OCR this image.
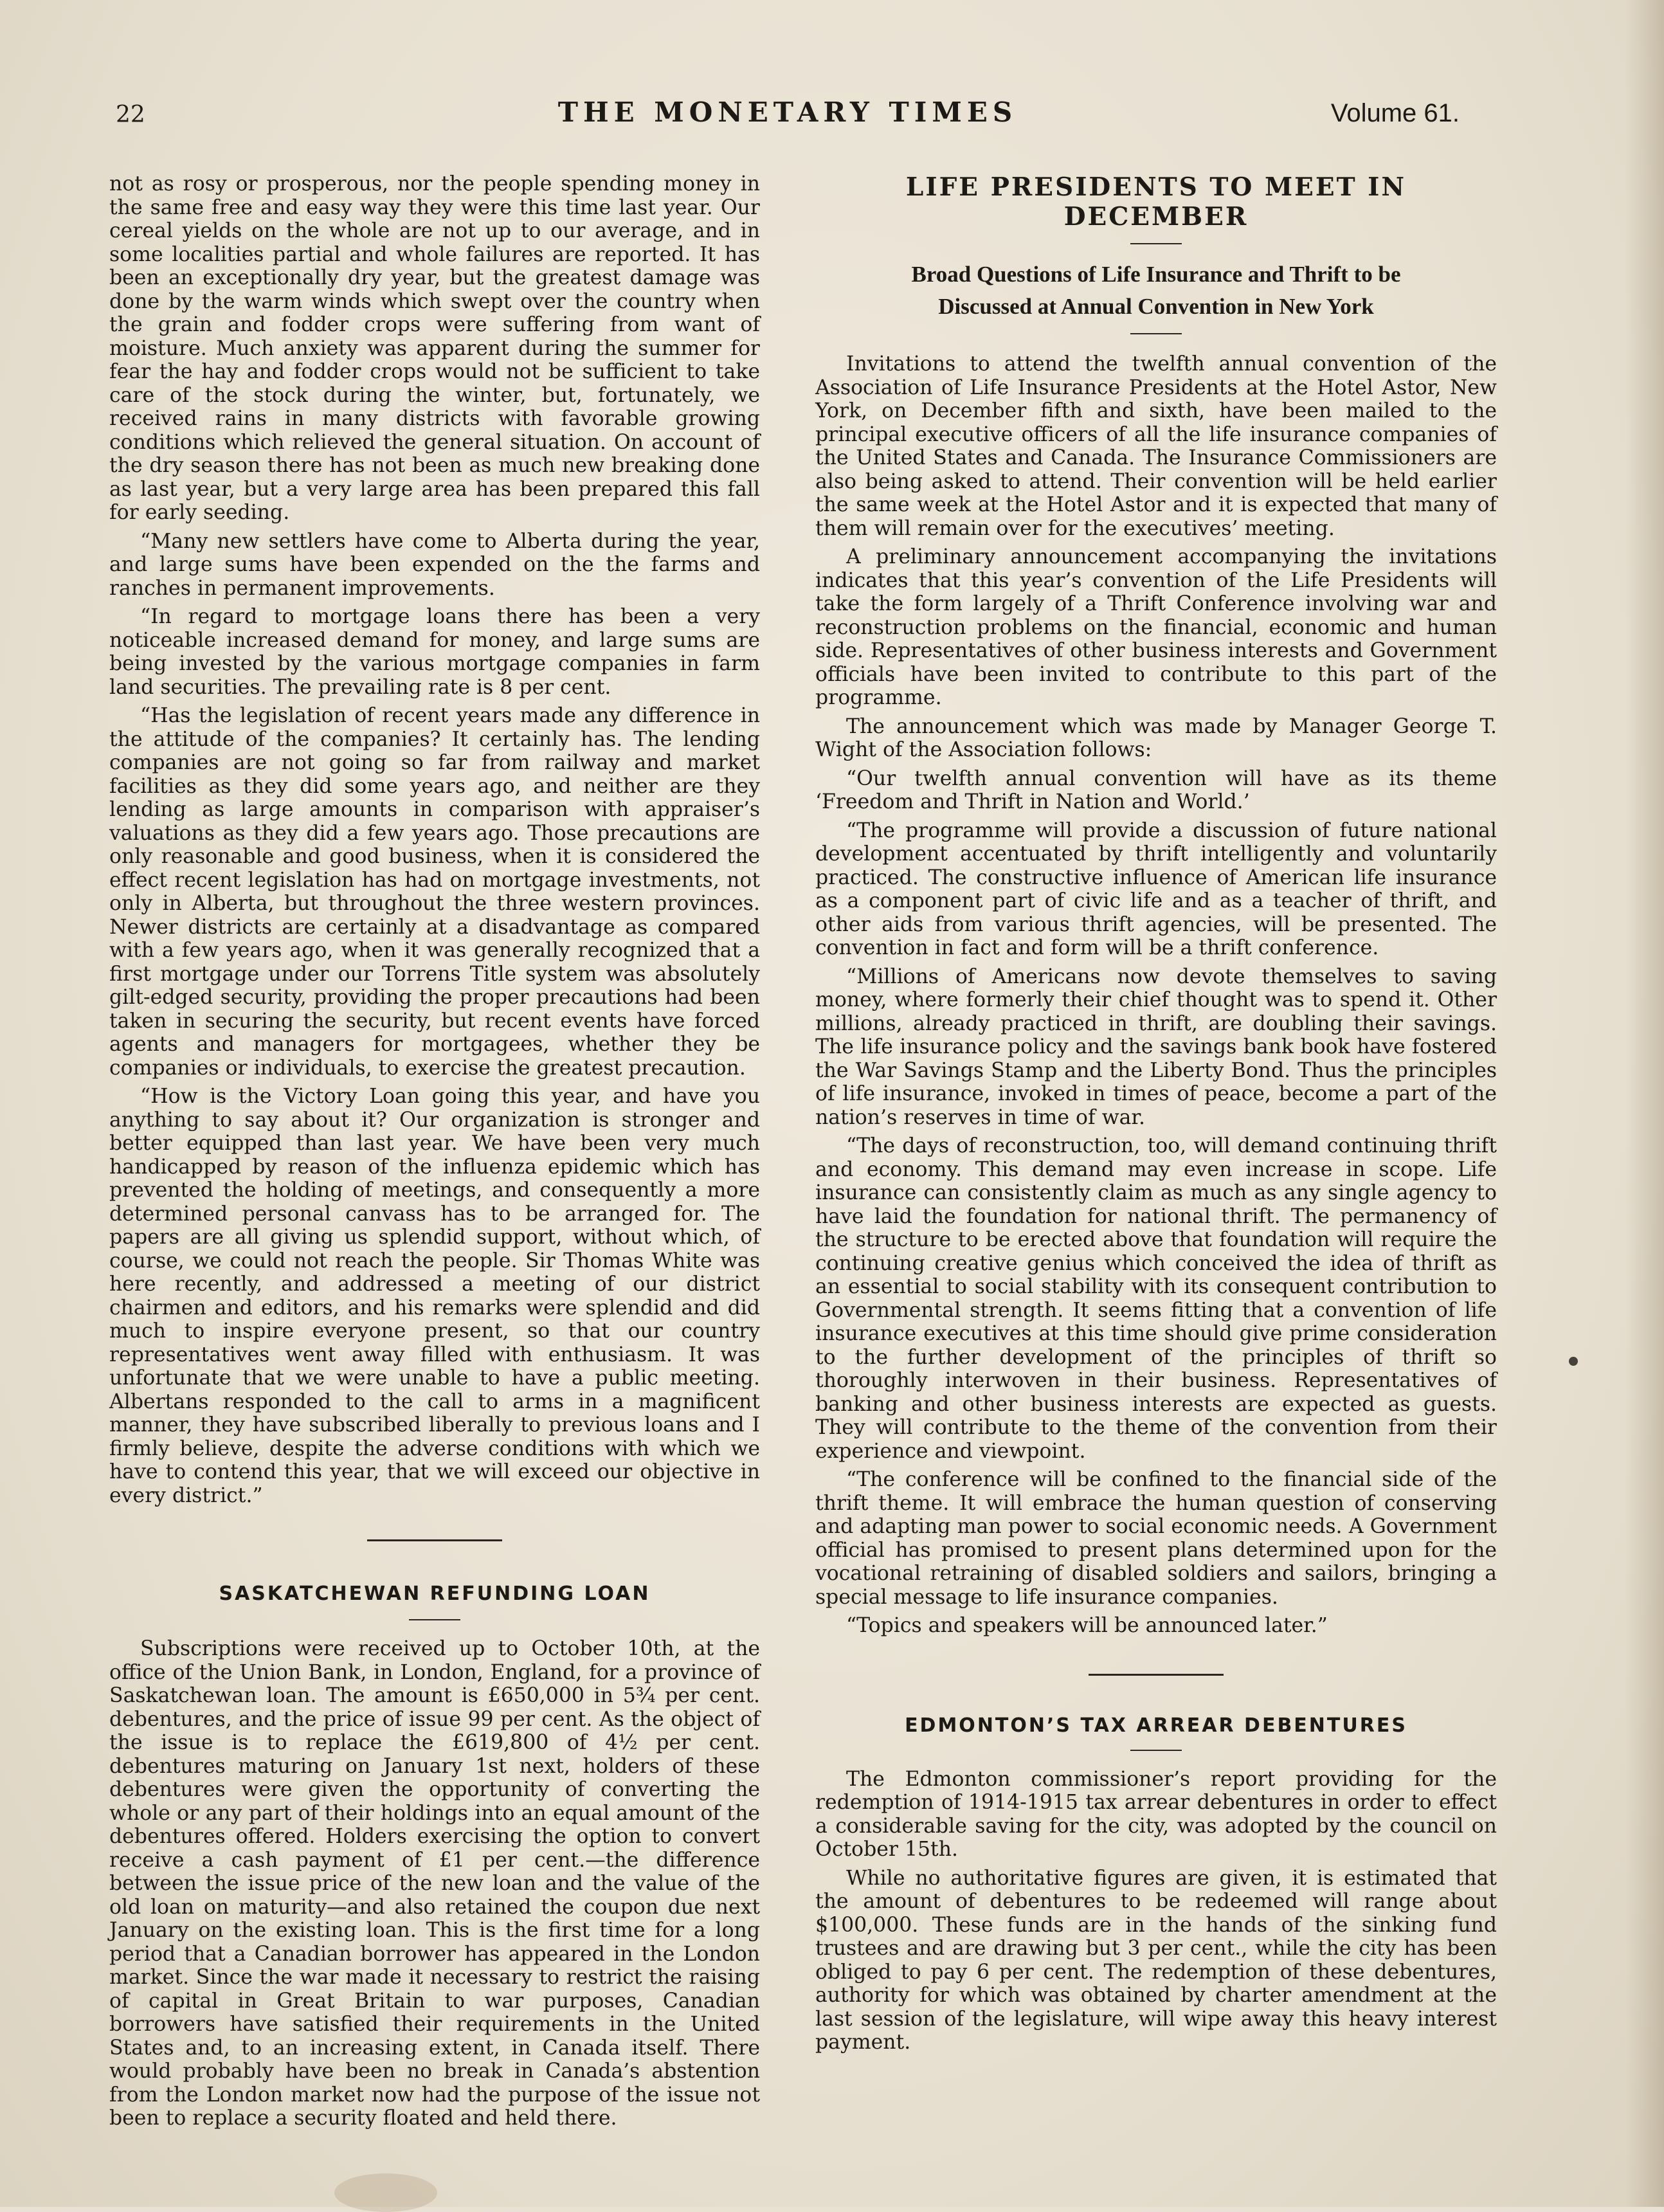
22	THE MONETARY TIMES	Volume 61.

not as rosy or prosperous, nor the people spending money in the same free and easy way they were this time last year. Our cereal yields on the whole are not up to our average, and in some localities partial and whole failures are reported. It has been an exceptionally dry year, but the greatest damage was done by the warm winds which swept over the country when the grain and fodder crops were suffering from want of moisture. Much anxiety was apparent during the summer for fear the hay and fodder crops would not be sufficient to take care of the stock during the winter, but, fortunately, we received rains in many districts with favorable growing conditions which relieved the general situation. On account of the dry season there has not been as much new breaking done as last year, but a very large area has been prepared this fall for early seeding.

“Many new settlers have come to Alberta during the year, and large sums have been expended on the the farms and ranches in permanent improvements.

“In regard to mortgage loans there has been a very noticeable increased demand for money, and large sums are being invested by the various mortgage companies in farm land securities. The prevailing rate is 8 per cent.

“Has the legislation of recent years made any difference in the attitude of the companies? It certainly has. The lending companies are not going so far from railway and market facilities as they did some years ago, and neither are they lending as large amounts in comparison with appraiser’s valuations as they did a few years ago. Those precautions are only reasonable and good business, when it is considered the effect recent legislation has had on mortgage investments, not only in Alberta, but throughout the three western provinces. Newer districts are certainly at a disadvantage as compared with a few years ago, when it was generally recognized that a first mortgage under our Torrens Title system was absolutely gilt-edged security, providing the proper precautions had been taken in securing the security, but recent events have forced agents and managers for mortgagees, whether they be companies or individuals, to exercise the greatest precaution.

“How is the Victory Loan going this year, and have you anything to say about it? Our organization is stronger and better equipped than last year. We have been very much handicapped by reason of the influenza epidemic which has prevented the holding of meetings, and consequently a more determined personal canvass has to be arranged for. The papers are all giving us splendid support, without which, of course, we could not reach the people. Sir Thomas White was here recently, and addressed a meeting of our district chairmen and editors, and his remarks were splendid and did much to inspire everyone present, so that our country representatives went away filled with enthusiasm. It was unfortunate that we were unable to have a public meeting. Albertans responded to the call to arms in a magnificent manner, they have subscribed liberally to previous loans and I firmly believe, despite the adverse conditions with which we have to contend this year, that we will exceed our objective in every district.”

SASKATCHEWAN REFUNDING LOAN

Subscriptions were received up to October 10th, at the office of the Union Bank, in London, England, for a province of Saskatchewan loan. The amount is £650,000 in 5¾ per cent. debentures, and the price of issue 99 per cent. As the object of the issue is to replace the £619,800 of 4½ per cent. debentures maturing on January 1st next, holders of these debentures were given the opportunity of converting the whole or any part of their holdings into an equal amount of the debentures offered. Holders exercising the option to convert receive a cash payment of £1 per cent.—the difference between the issue price of the new loan and the value of the old loan on maturity—and also retained the coupon due next January on the existing loan. This is the first time for a long period that a Canadian borrower has appeared in the London market. Since the war made it necessary to restrict the raising of capital in Great Britain to war purposes, Canadian borrowers have satisfied their requirements in the United States and, to an increasing extent, in Canada itself. There would probably have been no break in Canada’s abstention from the London market now had the purpose of the issue not been to replace a security floated and held there.

LIFE PRESIDENTS TO MEET IN DECEMBER
Broad Questions of Life Insurance and Thrift to be
Discussed at Annual Convention in New York

Invitations to attend the twelfth annual convention of the Association of Life Insurance Presidents at the Hotel Astor, New York, on December fifth and sixth, have been mailed to the principal executive officers of all the life insurance companies of the United States and Canada. The Insurance Commissioners are also being asked to attend. Their convention will be held earlier the same week at the Hotel Astor and it is expected that many of them will remain over for the executives’ meeting.

A preliminary announcement accompanying the invitations indicates that this year’s convention of the Life Presidents will take the form largely of a Thrift Conference involving war and reconstruction problems on the financial, economic and human side. Representatives of other business interests and Government officials have been invited to contribute to this part of the programme.

The announcement which was made by Manager George T. Wight of the Association follows:

“Our twelfth annual convention will have as its theme ‘Freedom and Thrift in Nation and World.’

“The programme will provide a discussion of future national development accentuated by thrift intelligently and voluntarily practiced. The constructive influence of American life insurance as a component part of civic life and as a teacher of thrift, and other aids from various thrift agencies, will be presented. The convention in fact and form will be a thrift conference.

“Millions of Americans now devote themselves to saving money, where formerly their chief thought was to spend it. Other millions, already practiced in thrift, are doubling their savings. The life insurance policy and the savings bank book have fostered the War Savings Stamp and the Liberty Bond. Thus the principles of life insurance, invoked in times of peace, become a part of the nation’s reserves in time of war.

“The days of reconstruction, too, will demand continuing thrift and economy. This demand may even increase in scope. Life insurance can consistently claim as much as any single agency to have laid the foundation for national thrift. The permanency of the structure to be erected above that foundation will require the continuing creative genius which conceived the idea of thrift as an essential to social stability with its consequent contribution to Governmental strength. It seems fitting that a convention of life insurance executives at this time should give prime consideration to the further development of the principles of thrift so thoroughly interwoven in their business. Representatives of banking and other business interests are expected as guests. They will contribute to the theme of the convention from their experience and viewpoint.

“The conference will be confined to the financial side of the thrift theme. It will embrace the human question of conserving and adapting man power to social economic needs. A Government official has promised to present plans determined upon for the vocational retraining of disabled soldiers and sailors, bringing a special message to life insurance companies.

“Topics and speakers will be announced later.”

EDMONTON’S TAX ARREAR DEBENTURES

The Edmonton commissioner’s report providing for the redemption of 1914-1915 tax arrear debentures in order to effect a considerable saving for the city, was adopted by the council on October 15th.

While no authoritative figures are given, it is estimated that the amount of debentures to be redeemed will range about $100,000. These funds are in the hands of the sinking fund trustees and are drawing but 3 per cent., while the city has been obliged to pay 6 per cent. The redemption of these debentures, authority for which was obtained by charter amendment at the last session of the legislature, will wipe away this heavy interest payment.
